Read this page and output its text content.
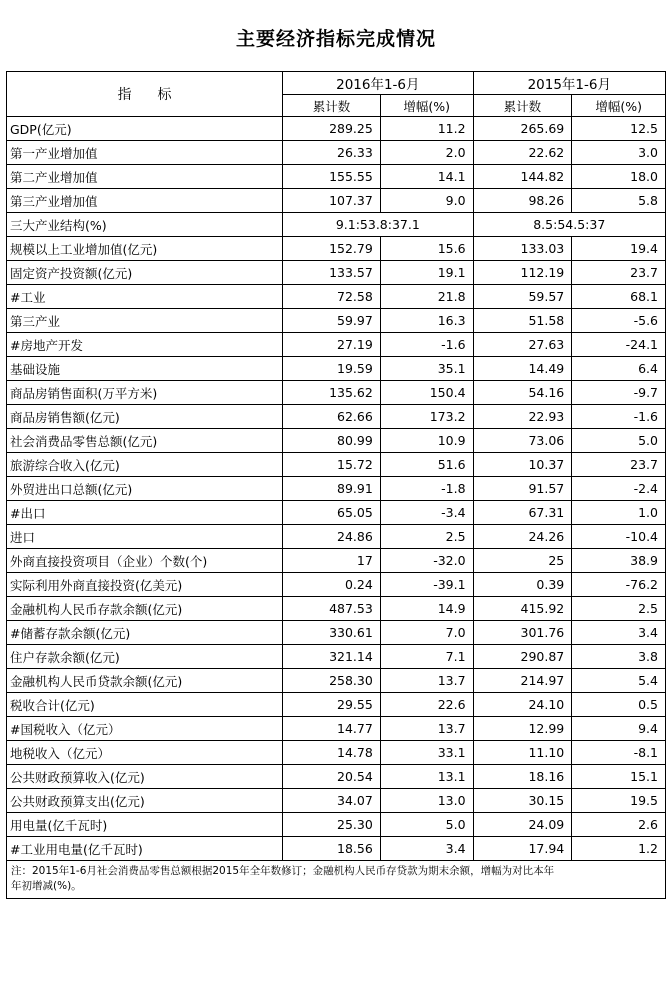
主要经济指标完成情况
指　标	2016年1-6月		2015年1-6月	
	累计数	增幅(%)	累计数	增幅(%)
GDP(亿元)	289.25	11.2	265.69	12.5
第一产业增加值	26.33	2.0	22.62	3.0
第二产业增加值	155.55	14.1	144.82	18.0
第三产业增加值	107.37	9.0	98.26	5.8
三大产业结构(%)	9.1:53.8:37.1		8.5:54.5:37	
规模以上工业增加值(亿元)	152.79	15.6	133.03	19.4
固定资产投资额(亿元)	133.57	19.1	112.19	23.7
#工业	72.58	21.8	59.57	68.1
第三产业	59.97	16.3	51.58	-5.6
#房地产开发	27.19	-1.6	27.63	-24.1
基础设施	19.59	35.1	14.49	6.4
商品房销售面积(万平方米)	135.62	150.4	54.16	-9.7
商品房销售额(亿元)	62.66	173.2	22.93	-1.6
社会消费品零售总额(亿元)	80.99	10.9	73.06	5.0
旅游综合收入(亿元)	15.72	51.6	10.37	23.7
外贸进出口总额(亿元)	89.91	-1.8	91.57	-2.4
#出口	65.05	-3.4	67.31	1.0
进口	24.86	2.5	24.26	-10.4
外商直接投资项目（企业）个数(个)	17	-32.0	25	38.9
实际利用外商直接投资(亿美元)	0.24	-39.1	0.39	-76.2
金融机构人民币存款余额(亿元)	487.53	14.9	415.92	2.5
#储蓄存款余额(亿元)	330.61	7.0	301.76	3.4
住户存款余额(亿元)	321.14	7.1	290.87	3.8
金融机构人民币贷款余额(亿元)	258.30	13.7	214.97	5.4
税收合计(亿元)	29.55	22.6	24.10	0.5
#国税收入（亿元）	14.77	13.7	12.99	9.4
地税收入（亿元）	14.78	33.1	11.10	-8.1
公共财政预算收入(亿元)	20.54	13.1	18.16	15.1
公共财政预算支出(亿元)	34.07	13.0	30.15	19.5
用电量(亿千瓦时)	25.30	5.0	24.09	2.6
#工业用电量(亿千瓦时)	18.56	3.4	17.94	1.2
注：2015年1-6月社会消费品零售总额根据2015年全年数修订；金融机构人民币存贷款为期末余额，增幅为对比本年
年初增减(%)。
